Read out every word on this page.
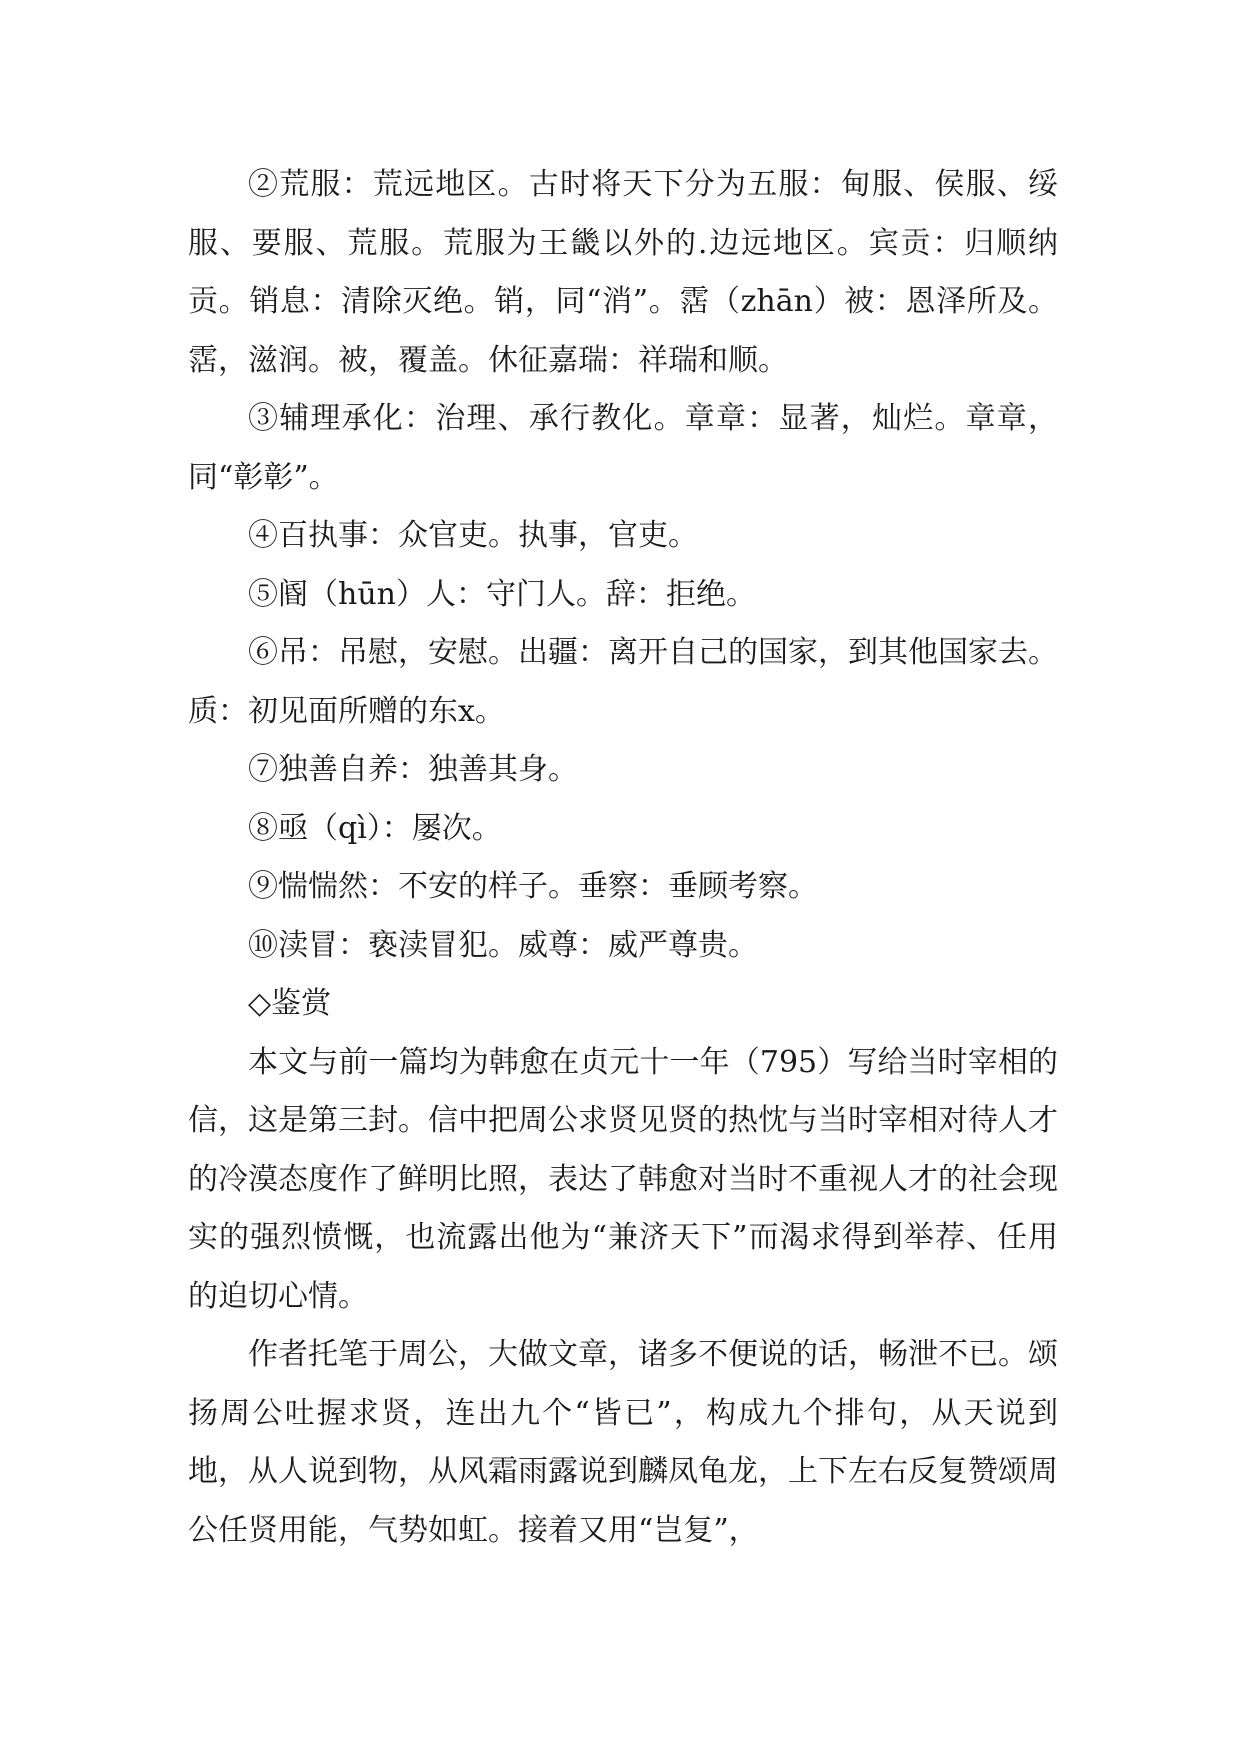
②荒服：荒远地区。古时将天下分为五服：甸服、侯服、绥服、要服、荒服。荒服为王畿以外的.边远地区。宾贡：归顺纳贡。销息：清除灭绝。销，同“消”。霑（zhān）被：恩泽所及。霑，滋润。被，覆盖。休征嘉瑞：祥瑞和顺。

③辅理承化：治理、承行教化。章章：显著，灿烂。章章，同“彰彰”。

④百执事：众官吏。执事，官吏。

⑤阍（hūn）人：守门人。辞：拒绝。

⑥吊：吊慰，安慰。出疆：离开自己的国家，到其他国家去。质：初见面所赠的东x。

⑦独善自养：独善其身。

⑧亟（qì）：屡次。

⑨惴惴然：不安的样子。垂察：垂顾考察。

⑩渎冒：亵渎冒犯。威尊：威严尊贵。

◇鉴赏

本文与前一篇均为韩愈在贞元十一年（795）写给当时宰相的信，这是第三封。信中把周公求贤见贤的热忱与当时宰相对待人才的冷漠态度作了鲜明比照，表达了韩愈对当时不重视人才的社会现实的强烈愤慨，也流露出他为“兼济天下”而渴求得到举荐、任用的迫切心情。

作者托笔于周公，大做文章，诸多不便说的话，畅泄不已。颂扬周公吐握求贤，连出九个“皆已”，构成九个排句，从天说到地，从人说到物，从风霜雨露说到麟凤龟龙，上下左右反复赞颂周公任贤用能，气势如虹。接着又用“岂复”，
